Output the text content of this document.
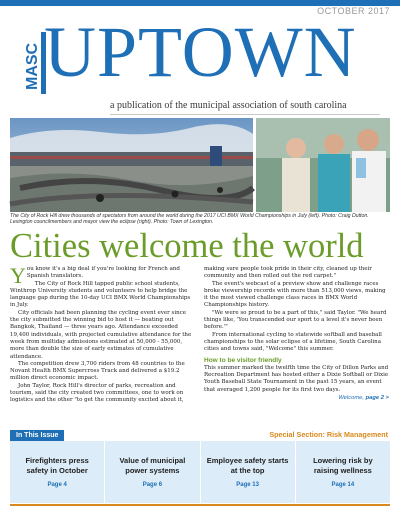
OCTOBER 2017
MASC UPTOWN
a publication of the municipal association of south carolina
The City of Rock Hill drew thousands of spectators from around the world during the 2017 UCI BMX World Championships in July (left). Photo: Craig Dutton. Lexington councilmembers and mayor view the eclipse (right). Photo: Town of Lexington.
Cities welcome the world

You know it's a big deal if you're looking for French and Spanish translators.

The City of Rock Hill tapped public school students, Winthrop University students and volunteers to help bridge the language gap during the 10-day UCI BMX World Championships in July.

City officials had been planning the cycling event ever since the city submitted the winning bid to host it — beating out Bangkok, Thailand — three years ago. Attendance exceeded 19,400 individuals, with projected cumulative attendance for the week from multiday admissions estimated at 50,000 - 55,000, more than double the size of early estimates of cumulative attendance.

The competition drew 3,700 riders from 48 countries to the Novant Health BMX Supercross Track and delivered a $19.2 million direct economic impact.

John Taylor, Rock Hill's director of parks, recreation and tourism, said the city created two committees, one to work on logistics and the other "to get the community excited about it,

making sure people took pride in their city, cleaned up their community and then rolled out the red carpet."

The event's webcast of a preview show and challenge races broke viewership records with more than 513,000 views, making it the most viewed challenge class races in BMX World Championships history.

"We were so proud to be a part of this," said Taylor. "We heard things like, 'You transcended our sport to a level it's never been before.'"

From international cycling to statewide softball and baseball championships to the solar eclipse of a lifetime, South Carolina cities and towns said, "Welcome" this summer.

How to be visitor friendly

This summer marked the twelfth time the City of Dillon Parks and Recreation Department has hosted either a Dixie Softball or Dixie Youth Baseball State Tournament in the past 15 years, an event that averaged 1,200 people for its first two days.

Welcome, page 2 >
In This Issue	Special Section: Risk Management
Firefighters press safety in October
Page 4
Value of municipal power systems
Page 6
Employee safety starts at the top
Page 13
Lowering risk by raising wellness
Page 14
